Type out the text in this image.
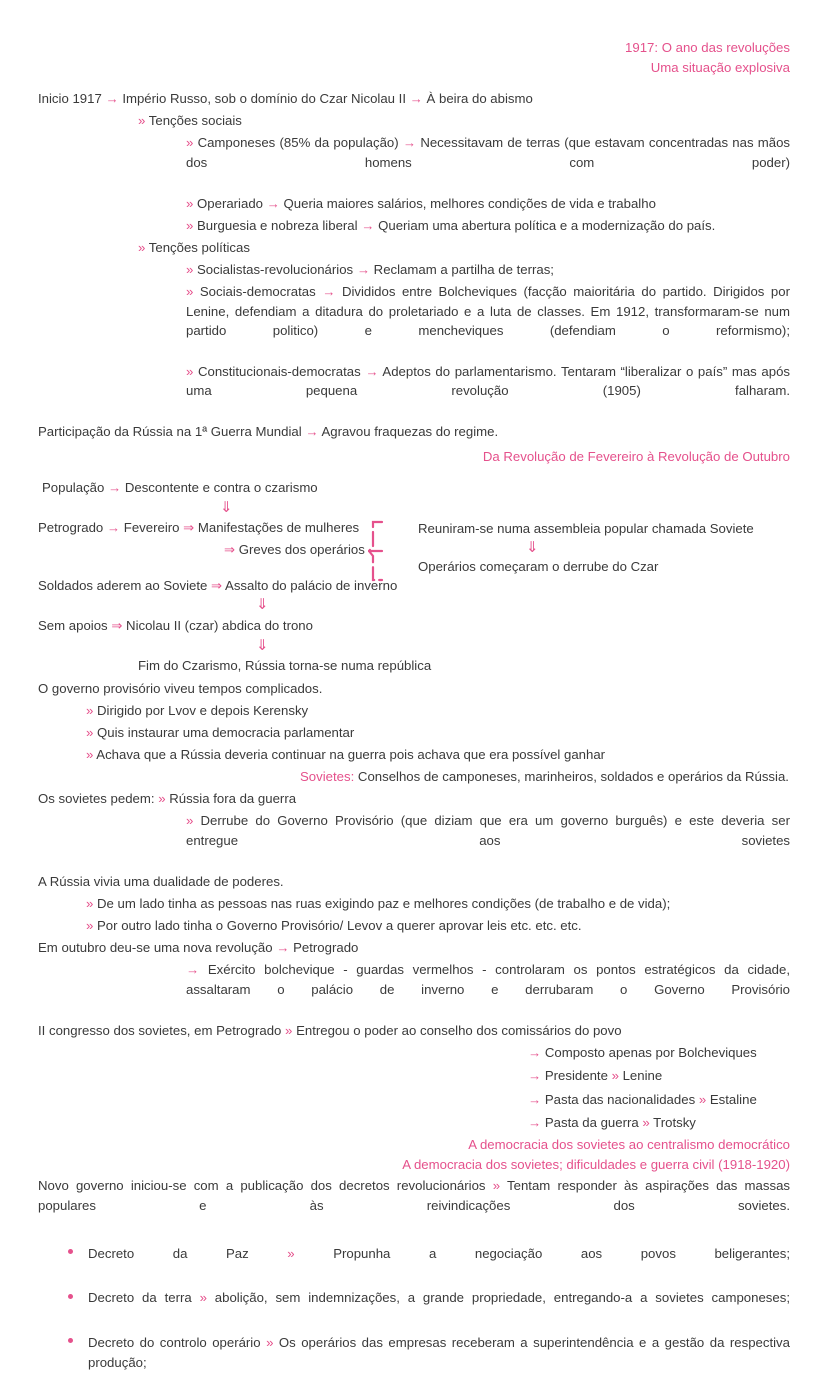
1917: O ano das revoluções
Uma situação explosiva
Inicio 1917 → Império Russo, sob o domínio do Czar Nicolau II → À beira do abismo
» Tenções sociais
» Camponeses (85% da população) → Necessitavam de terras (que estavam concentradas nas mãos dos homens com poder)
» Operariado → Queria maiores salários, melhores condições de vida e trabalho
» Burguesia e nobreza liberal → Queriam uma abertura política e a modernização do país.
» Tenções políticas
» Socialistas-revolucionários → Reclamam a partilha de terras;
» Sociais-democratas → Divididos entre Bolcheviques (facção maioritária do partido. Dirigidos por Lenine, defendiam a ditadura do proletariado e a luta de classes. Em 1912, transformaram-se num partido politico) e mencheviques (defendiam o reformismo);
» Constitucionais-democratas → Adeptos do parlamentarismo. Tentaram “liberalizar o país” mas após uma pequena revolução (1905) falharam.
Participação da Rússia na 1ª Guerra Mundial → Agravou fraquezas do regime.
Da Revolução de Fevereiro à Revolução de Outubro
População → Descontente e contra o czarismo
⇓
Petrogrado → Fevereiro ⇒ Manifestações de mulheres
⇒ Greves dos operários
Reuniram-se numa assembleia popular chamada Soviete
⇓
Operários começaram o derrube do Czar
Soldados aderem ao Soviete ⇒ Assalto do palácio de inverno
⇓
Sem apoios ⇒ Nicolau II (czar) abdica do trono
⇓
Fim do Czarismo, Rússia torna-se numa república
O governo provisório viveu tempos complicados.
» Dirigido por Lvov e depois Kerensky
» Quis instaurar uma democracia parlamentar
» Achava que a Rússia deveria continuar na guerra pois achava que era possível ganhar
Sovietes: Conselhos de camponeses, marinheiros, soldados e operários da Rússia.
Os sovietes pedem: » Rússia fora da guerra
» Derrube do Governo Provisório (que diziam que era um governo burguês) e este deveria ser entregue aos sovietes
A Rússia vivia uma dualidade de poderes.
» De um lado tinha as pessoas nas ruas exigindo paz e melhores condições (de trabalho e de vida);
» Por outro lado tinha o Governo Provisório/ Levov a querer aprovar leis etc. etc. etc.
Em outubro deu-se uma nova revolução → Petrogrado
→ Exército bolchevique - guardas vermelhos - controlaram os pontos estratégicos da cidade, assaltaram o palácio de inverno e derrubaram o Governo Provisório
II congresso dos sovietes, em Petrogrado » Entregou o poder ao conselho dos comissários do povo
→ Composto apenas por Bolcheviques
→ Presidente » Lenine
→ Pasta das nacionalidades » Estaline
→ Pasta da guerra » Trotsky
A democracia dos sovietes ao centralismo democrático
A democracia dos sovietes; dificuldades e guerra civil (1918-1920)
Novo governo iniciou-se com a publicação dos decretos revolucionários » Tentam responder às aspirações das massas populares e às reivindicações dos sovietes.
Decreto da Paz	»	Propunha a negociação aos povos beligerantes;
Decreto da terra » abolição, sem indemnizações, a grande propriedade, entregando-a a sovietes camponeses;
Decreto do controlo operário » Os operários das empresas receberam a superintendência e a gestão da respectiva produção;
